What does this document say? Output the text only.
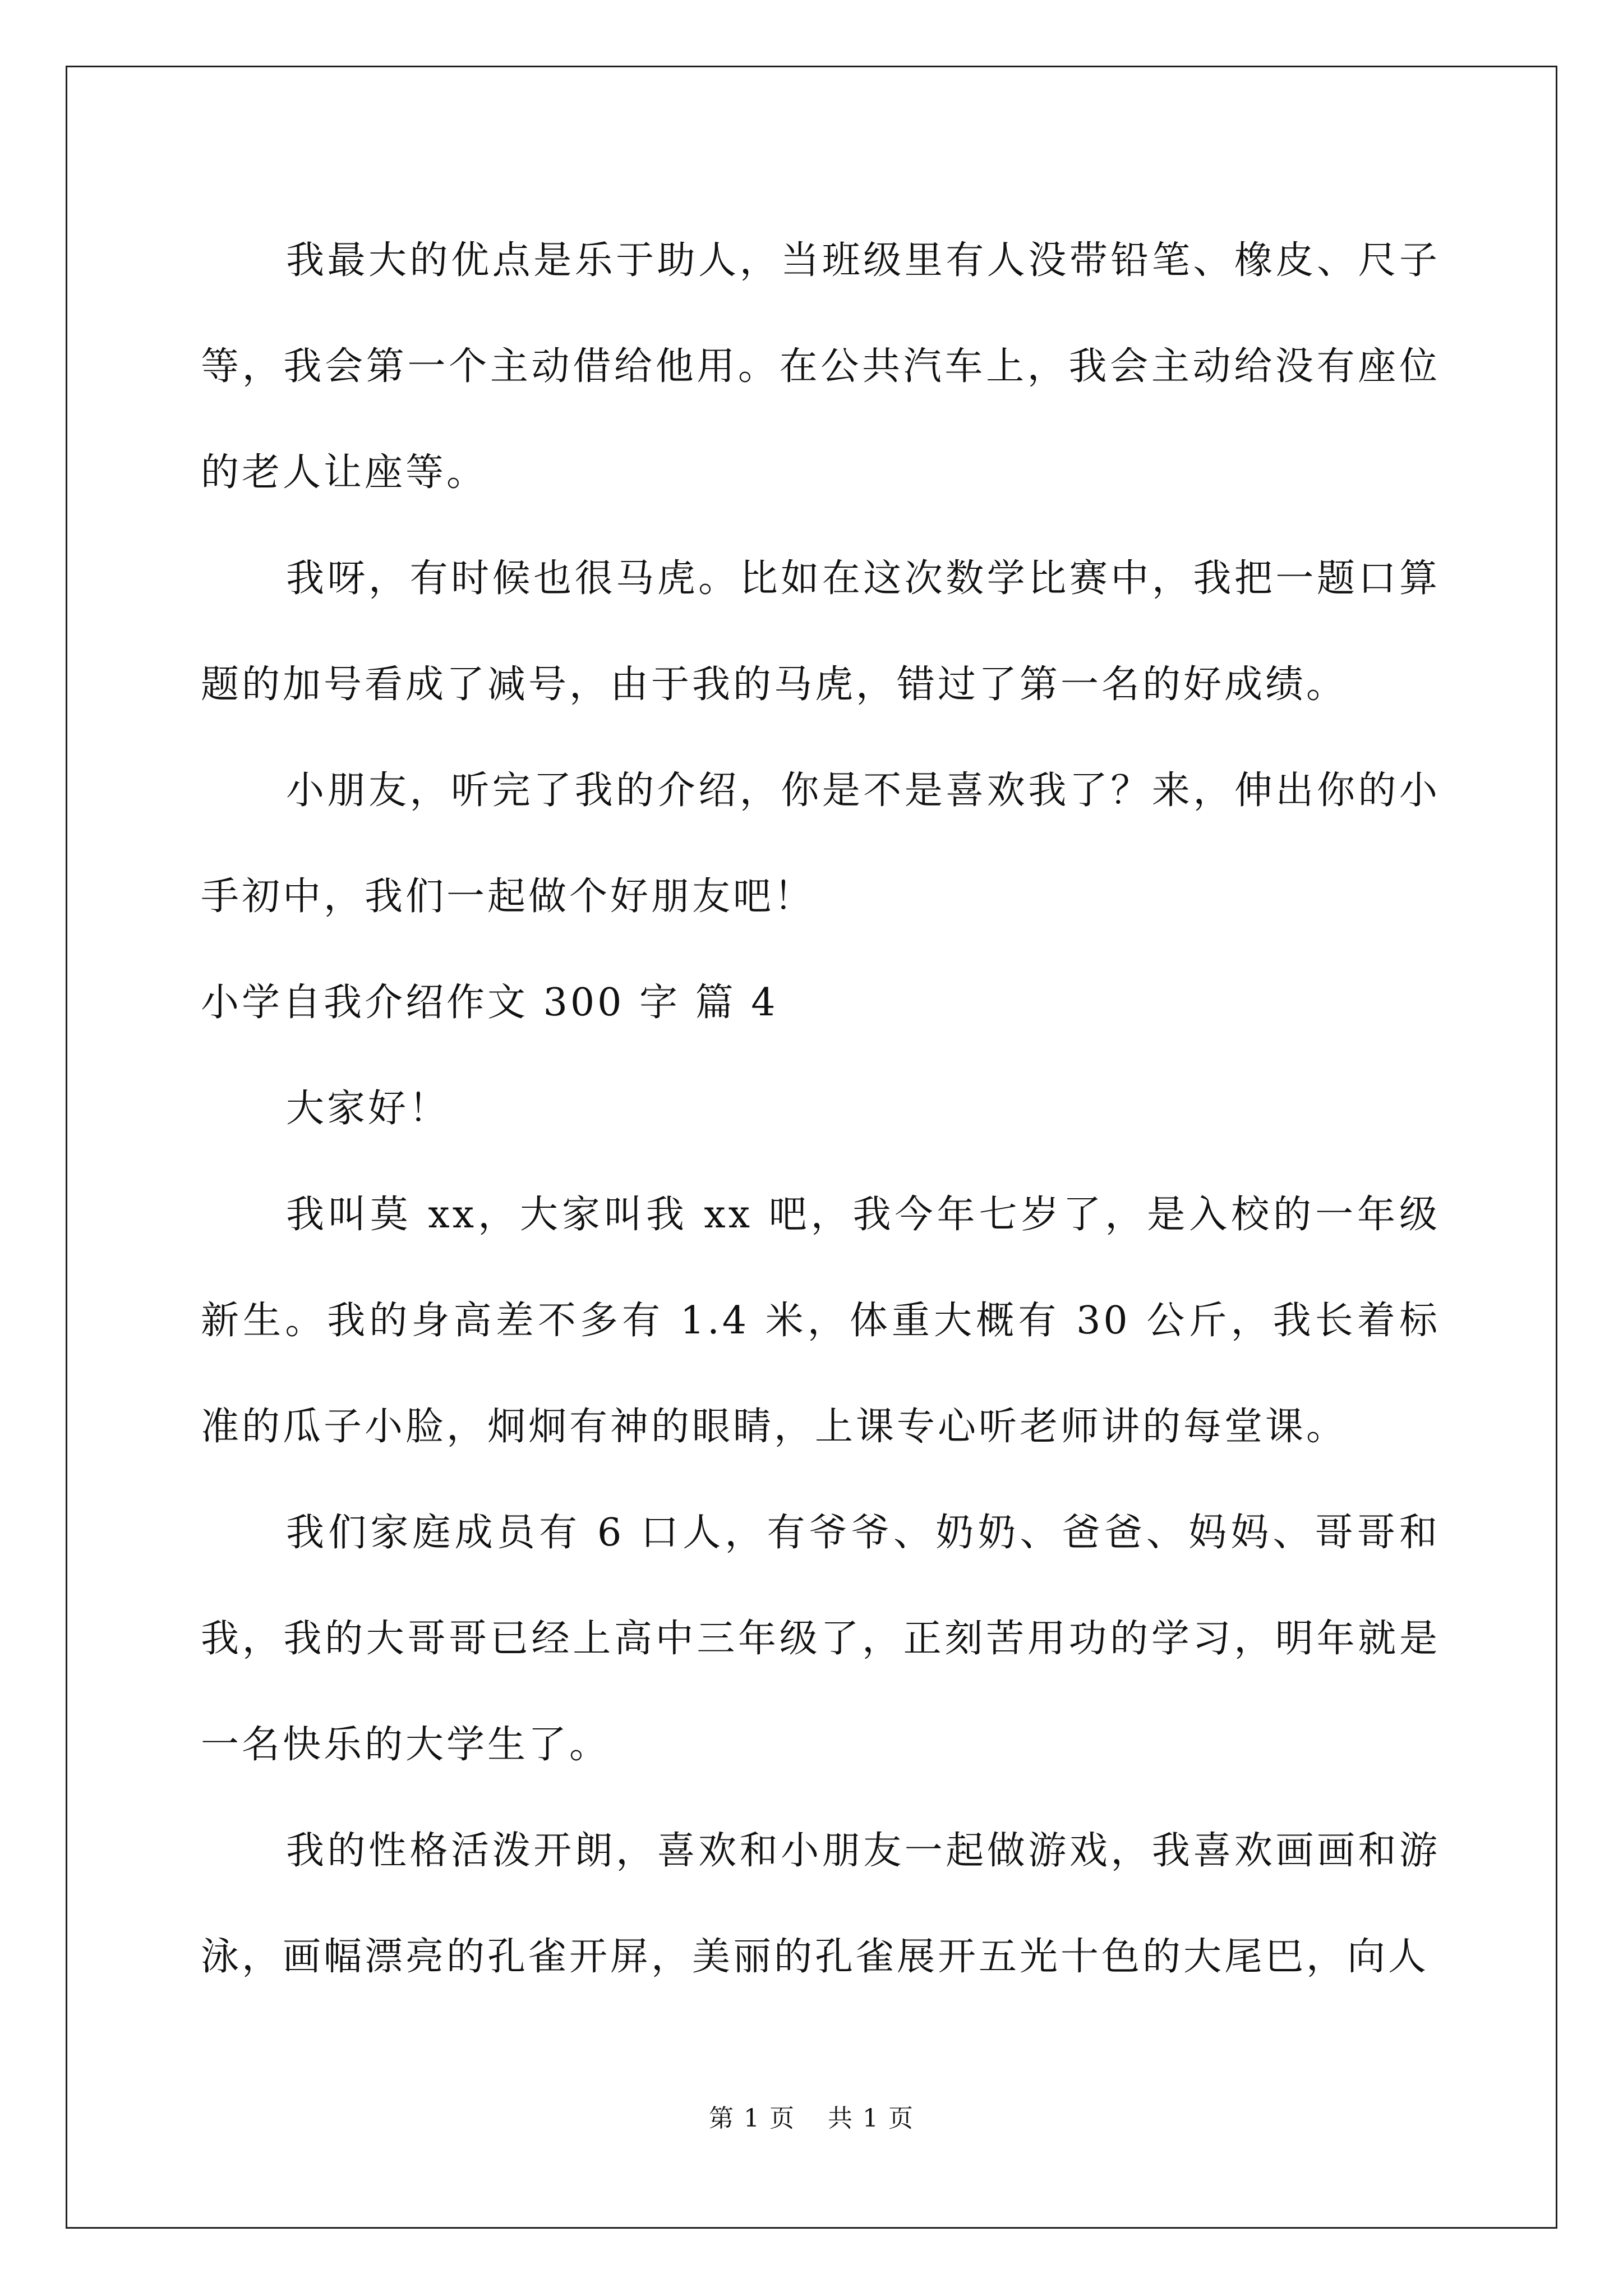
我最大的优点是乐于助人，当班级里有人没带铅笔、橡皮、尺子等，我会第一个主动借给他用。在公共汽车上，我会主动给没有座位的老人让座等。

我呀，有时候也很马虎。比如在这次数学比赛中，我把一题口算题的加号看成了减号，由于我的马虎，错过了第一名的好成绩。

小朋友，听完了我的介绍，你是不是喜欢我了？来，伸出你的小手初中，我们一起做个好朋友吧！

小学自我介绍作文 300 字 篇 4

大家好！

我叫莫 xx，大家叫我 xx 吧，我今年七岁了，是入校的一年级新生。我的身高差不多有 1.4 米，体重大概有 30 公斤，我长着标准的瓜子小脸，炯炯有神的眼睛，上课专心听老师讲的每堂课。

我们家庭成员有 6 口人，有爷爷、奶奶、爸爸、妈妈、哥哥和我，我的大哥哥已经上高中三年级了，正刻苦用功的学习，明年就是一名快乐的大学生了。

我的性格活泼开朗，喜欢和小朋友一起做游戏，我喜欢画画和游泳，画幅漂亮的孔雀开屏，美丽的孔雀展开五光十色的大尾巴，向人

第 1 页 共 1 页
